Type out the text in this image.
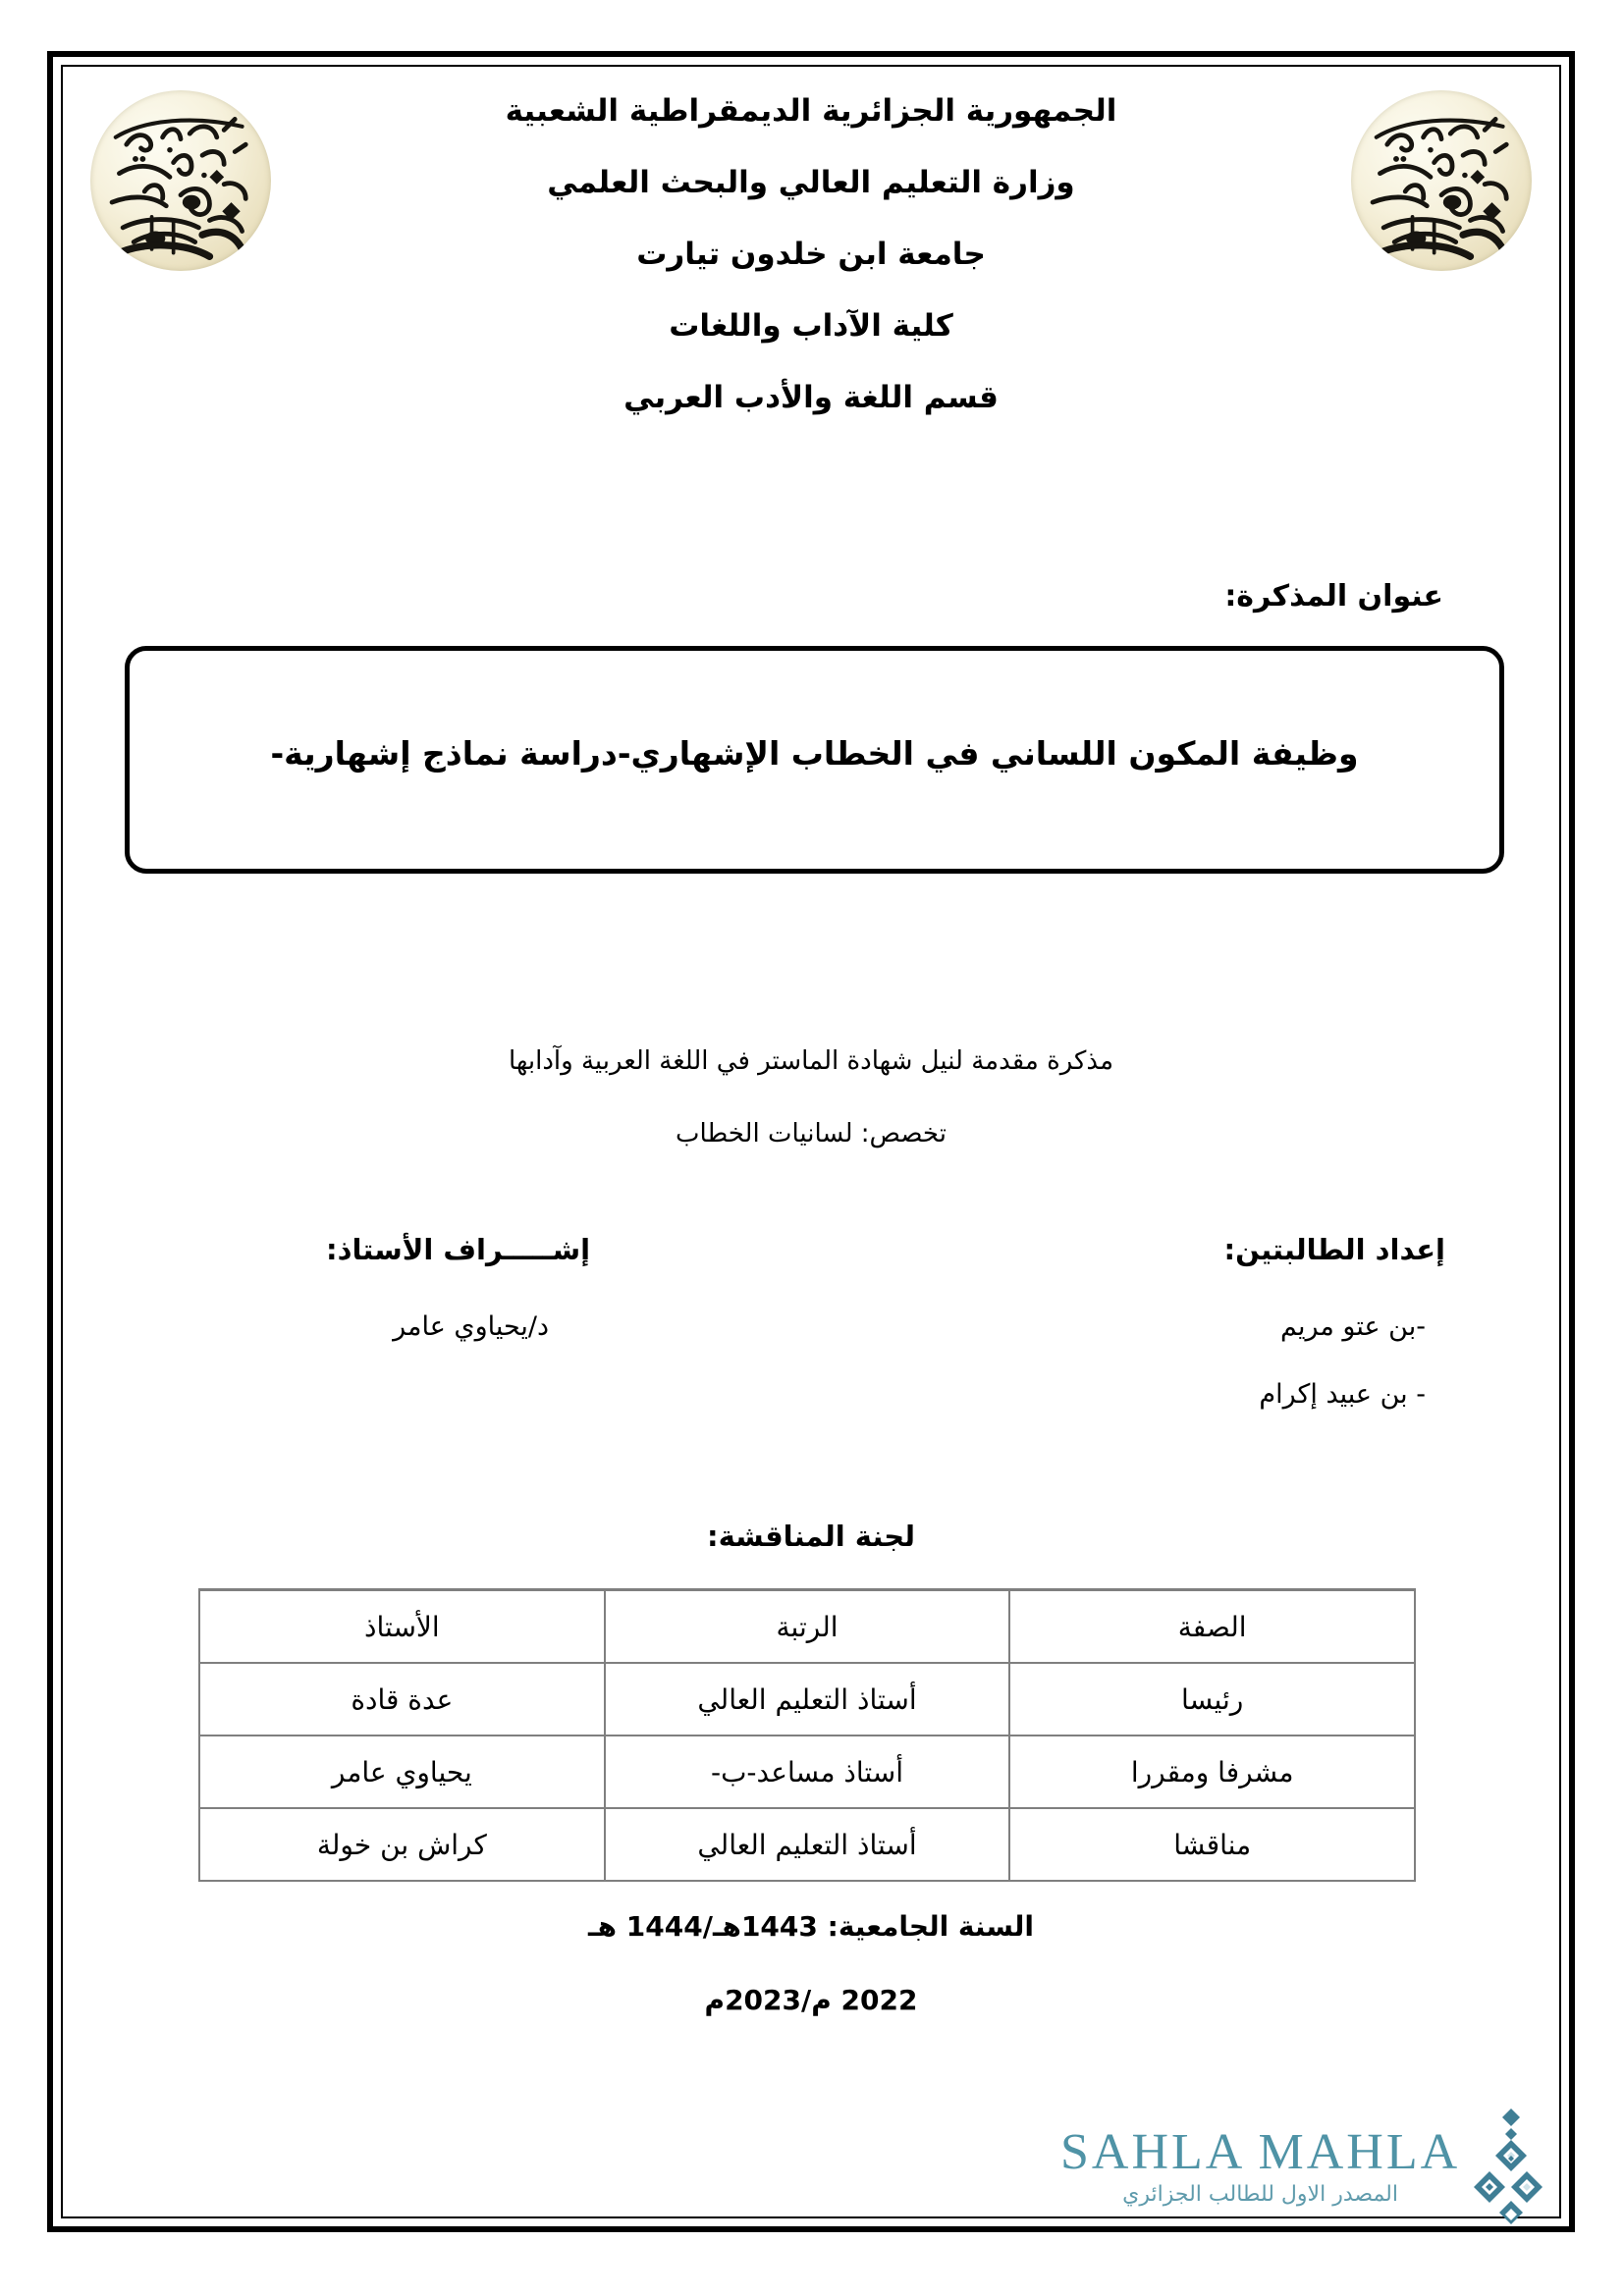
الجمهورية الجزائرية الديمقراطية الشعبية
وزارة التعليم العالي والبحث العلمي
جامعة ابن خلدون تيارت
كلية الآداب واللغات
قسم اللغة والأدب العربي
عنوان المذكرة:
وظيفة المكون اللساني في الخطاب الإشهاري-دراسة نماذج إشهارية-
مذكرة مقدمة لنيل شهادة الماستر في اللغة العربية وآدابها
تخصص: لسانيات الخطاب
إعداد الطالبتين:
-بن عتو مريم
- بن عبيد إكرام
إشـــــراف الأستاذ:
د/يحياوي عامر
لجنة المناقشة:
الصفة	الرتبة	الأستاذ
رئيسا	أستاذ التعليم العالي	عدة قادة
مشرفا ومقررا	أستاذ مساعد-ب-	يحياوي عامر
مناقشا	أستاذ التعليم العالي	كراش بن خولة
السنة الجامعية: 1443هـ/1444 هـ
2022 م/2023م
SAHLA MAHLA
المصدر الاول للطالب الجزائري
